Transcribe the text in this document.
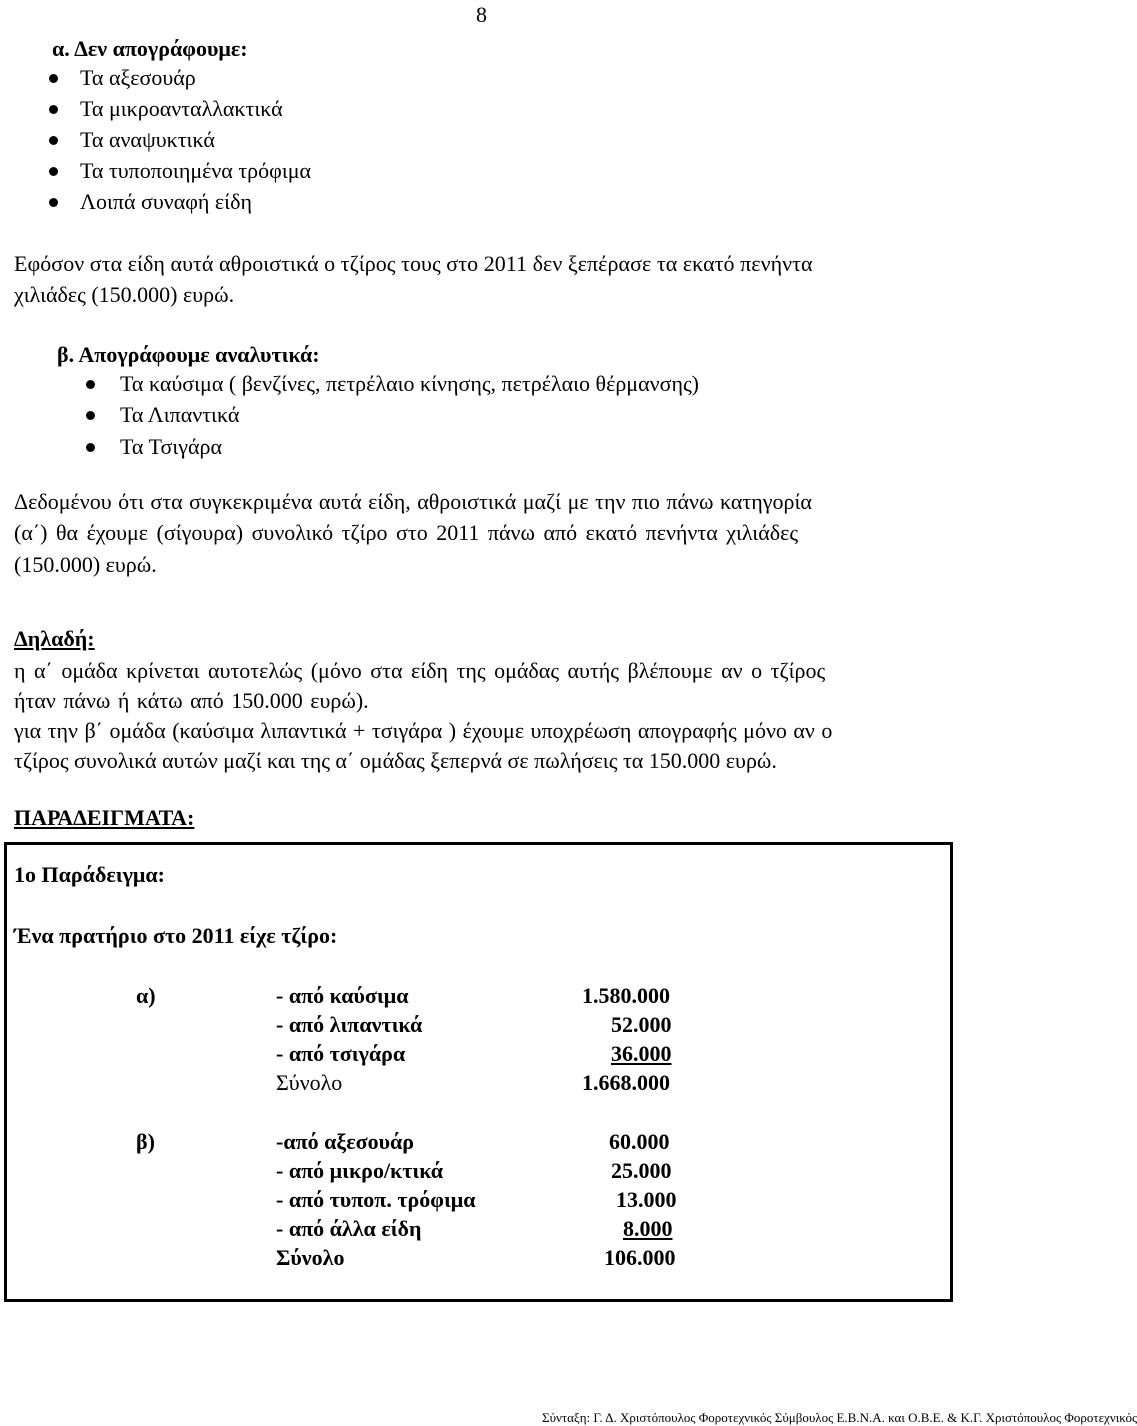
8
α. Δεν απογράφουμε:
Τα αξεσουάρ
Τα μικροανταλλακτικά
Τα αναψυκτικά
Τα τυποποιημένα τρόφιμα
Λοιπά συναφή είδη
Εφόσον στα είδη αυτά αθροιστικά ο τζίρος τους στο 2011 δεν ξεπέρασε τα εκατό πενήντα
χιλιάδες (150.000) ευρώ.
β. Απογράφουμε αναλυτικά:
Τα καύσιμα ( βενζίνες, πετρέλαιο κίνησης, πετρέλαιο θέρμανσης)
Τα Λιπαντικά
Τα Τσιγάρα
Δεδομένου ότι στα συγκεκριμένα αυτά είδη, αθροιστικά μαζί με την πιο πάνω κατηγορία
(α΄) θα έχουμε (σίγουρα) συνολικό τζίρο στο 2011 πάνω από εκατό πενήντα χιλιάδες
(150.000) ευρώ.
Δηλαδή:
η α΄ ομάδα κρίνεται αυτοτελώς (μόνο στα είδη της ομάδας αυτής βλέπουμε αν ο τζίρος
ήταν πάνω ή κάτω από 150.000 ευρώ).
για την β΄ ομάδα (καύσιμα λιπαντικά + τσιγάρα ) έχουμε υποχρέωση απογραφής μόνο αν ο
τζίρος συνολικά αυτών μαζί και της α΄ ομάδας ξεπερνά σε πωλήσεις τα 150.000 ευρώ.
ΠΑΡΑΔΕΙΓΜΑΤΑ:
1ο Παράδειγμα:
Ένα πρατήριο στο 2011 είχε τζίρο:
α)	- από καύσιμα	1.580.000
- από λιπαντικά	52.000
- από τσιγάρα	36.000
Σύνολο	1.668.000
β)	-από αξεσουάρ	60.000
- από μικρο/κτικά	25.000
- από τυποπ. τρόφιμα	13.000
- από άλλα είδη	8.000
Σύνολο	106.000
Σύνταξη: Γ. Δ. Χριστόπουλος Φοροτεχνικός Σύμβουλος Ε.Β.Ν.Α. και Ο.Β.Ε. & Κ.Γ. Χριστόπουλος Φοροτεχνικός
